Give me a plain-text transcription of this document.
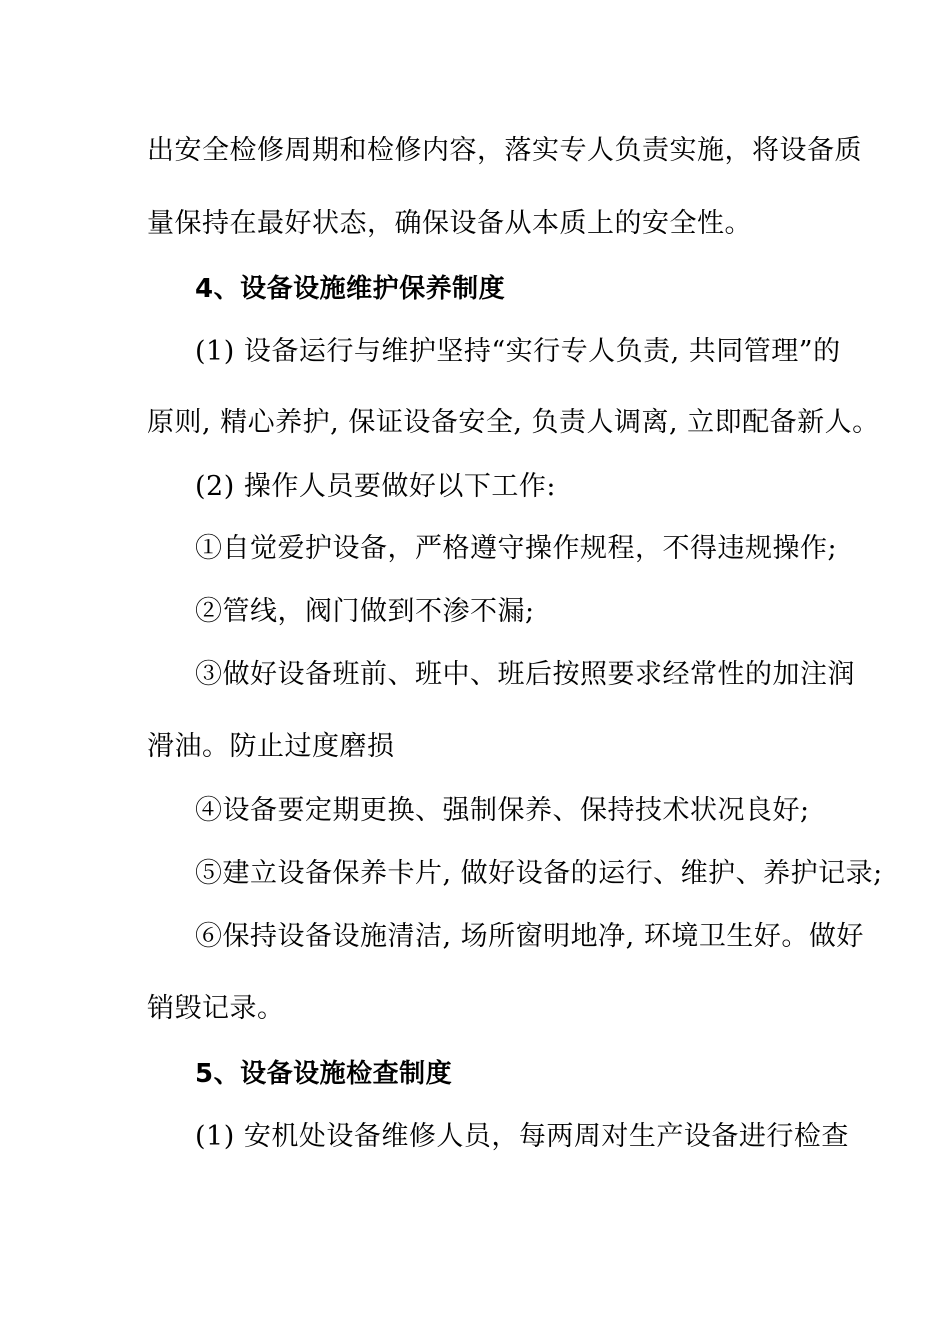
出安全检修周期和检修内容，落实专人负责实施，将设备质
量保持在最好状态，确保设备从本质上的安全性。
4、设备设施维护保养制度
(1) 设备运行与维护坚持“实行专人负责, 共同管理”的
原则, 精心养护, 保证设备安全, 负责人调离, 立即配备新人。
(2) 操作人员要做好以下工作:
①自觉爱护设备，严格遵守操作规程，不得违规操作;
②管线，阀门做到不渗不漏;
③做好设备班前、班中、班后按照要求经常性的加注润
滑油。防止过度磨损
④设备要定期更换、强制保养、保持技术状况良好;
⑤建立设备保养卡片, 做好设备的运行、维护、养护记录;
⑥保持设备设施清洁, 场所窗明地净, 环境卫生好。做好
销毁记录。
5、设备设施检查制度
(1) 安机处设备维修人员，每两周对生产设备进行检查
